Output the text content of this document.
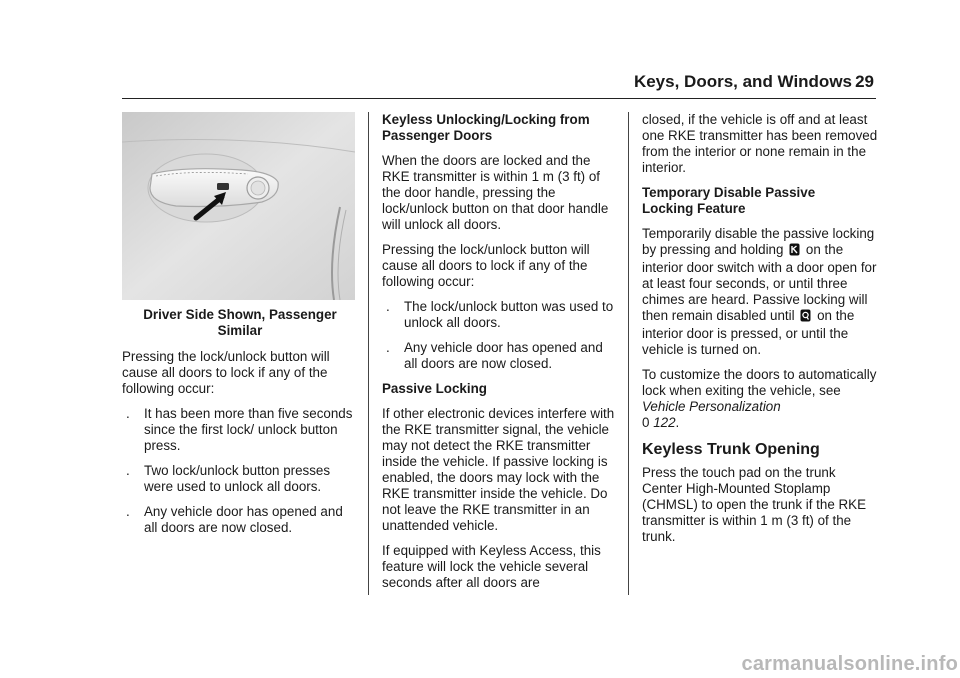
Keys, Doors, and Windows 29
Driver Side Shown, Passenger
Similar

Pressing the lock/unlock button will cause all doors to lock if any of the following occur:

.	It has been more than five seconds since the first lock/ unlock button press.
.	Two lock/unlock button presses were used to unlock all doors.
.	Any vehicle door has opened and all doors are now closed.

Keyless Unlocking/Locking from
Passenger Doors

When the doors are locked and the RKE transmitter is within 1 m (3 ft) of the door handle, pressing the lock/unlock button on that door handle will unlock all doors.

Pressing the lock/unlock button will cause all doors to lock if any of the following occur:

.	The lock/unlock button was used to unlock all doors.
.	Any vehicle door has opened and all doors are now closed.

Passive Locking

If other electronic devices interfere with the RKE transmitter signal, the vehicle may not detect the RKE transmitter inside the vehicle. If passive locking is enabled, the doors may lock with the RKE transmitter inside the vehicle. Do not leave the RKE transmitter in an unattended vehicle.

If equipped with Keyless Access, this feature will lock the vehicle several seconds after all doors are

closed, if the vehicle is off and at least one RKE transmitter has been removed from the interior or none remain in the interior.

Temporary Disable Passive
Locking Feature

Temporarily disable the passive locking by pressing and holding on the interior door switch with a door open for at least four seconds, or until three chimes are heard. Passive locking will then remain disabled until on the interior door is pressed, or until the vehicle is turned on.

To customize the doors to automatically lock when exiting the vehicle, see Vehicle Personalization
0 122.

Keyless Trunk Opening

Press the touch pad on the trunk Center High-Mounted Stoplamp (CHMSL) to open the trunk if the RKE transmitter is within 1 m (3 ft) of the trunk.

carmanualsonline.info
